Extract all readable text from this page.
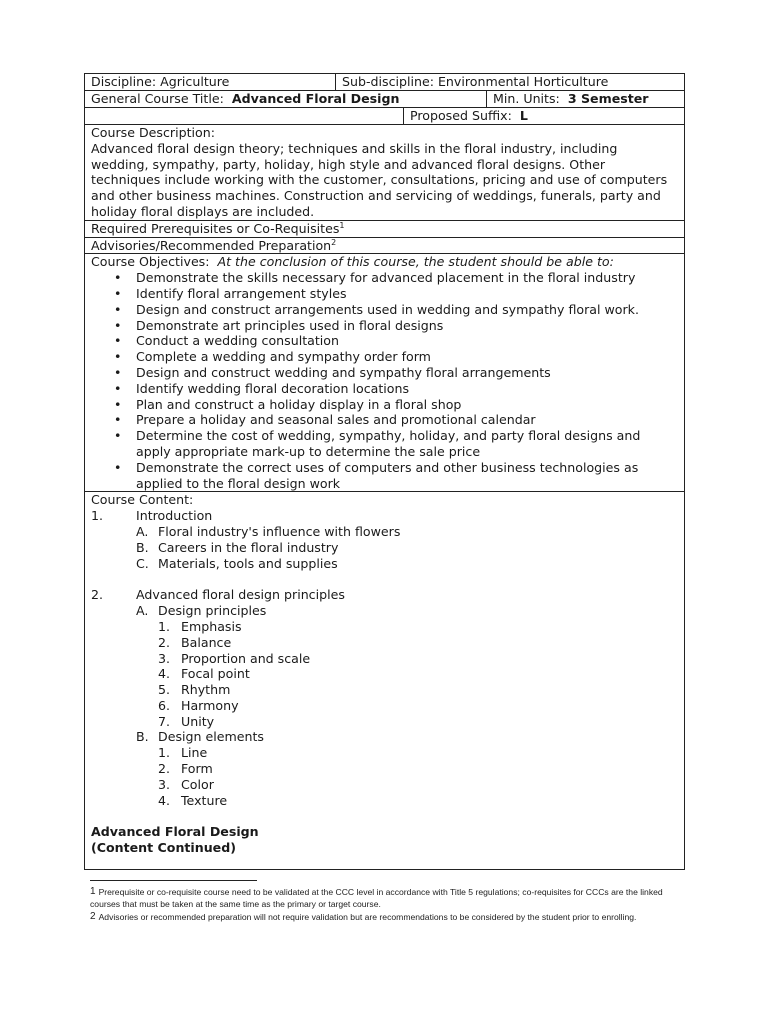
Discipline: Agriculture	Sub-discipline: Environmental Horticulture
General Course Title:  Advanced Floral Design	Min. Units:  3 Semester
Proposed Suffix:  L
Course Description:
Advanced floral design theory; techniques and skills in the floral industry, including wedding, sympathy, party, holiday, high style and advanced floral designs. Other techniques include working with the customer, consultations, pricing and use of computers and other business machines. Construction and servicing of weddings, funerals, party and holiday floral displays are included.
Required Prerequisites or Co-Requisites$^1$
Advisories/Recommended Preparation$^2$
Course Objectives:  At the conclusion of this course, the student should be able to:
• Demonstrate the skills necessary for advanced placement in the floral industry
• Identify floral arrangement styles
• Design and construct arrangements used in wedding and sympathy floral work.
• Demonstrate art principles used in floral designs
• Conduct a wedding consultation
• Complete a wedding and sympathy order form
• Design and construct wedding and sympathy floral arrangements
• Identify wedding floral decoration locations
• Plan and construct a holiday display in a floral shop
• Prepare a holiday and seasonal sales and promotional calendar
• Determine the cost of wedding, sympathy, holiday, and party floral designs and apply appropriate mark-up to determine the sale price
• Demonstrate the correct uses of computers and other business technologies as applied to the floral design work
Course Content:
1.	Introduction
A. Floral industry's influence with flowers
B. Careers in the floral industry
C. Materials, tools and supplies
2.	Advanced floral design principles
A. Design principles
1. Emphasis
2. Balance
3. Proportion and scale
4. Focal point
5. Rhythm
6. Harmony
7. Unity
B. Design elements
1. Line
2. Form
3. Color
4. Texture
Advanced Floral Design
(Content Continued)
1 Prerequisite or co-requisite course need to be validated at the CCC level in accordance with Title 5 regulations; co-requisites for CCCs are the linked courses that must be taken at the same time as the primary or target course.
2 Advisories or recommended preparation will not require validation but are recommendations to be considered by the student prior to enrolling.
